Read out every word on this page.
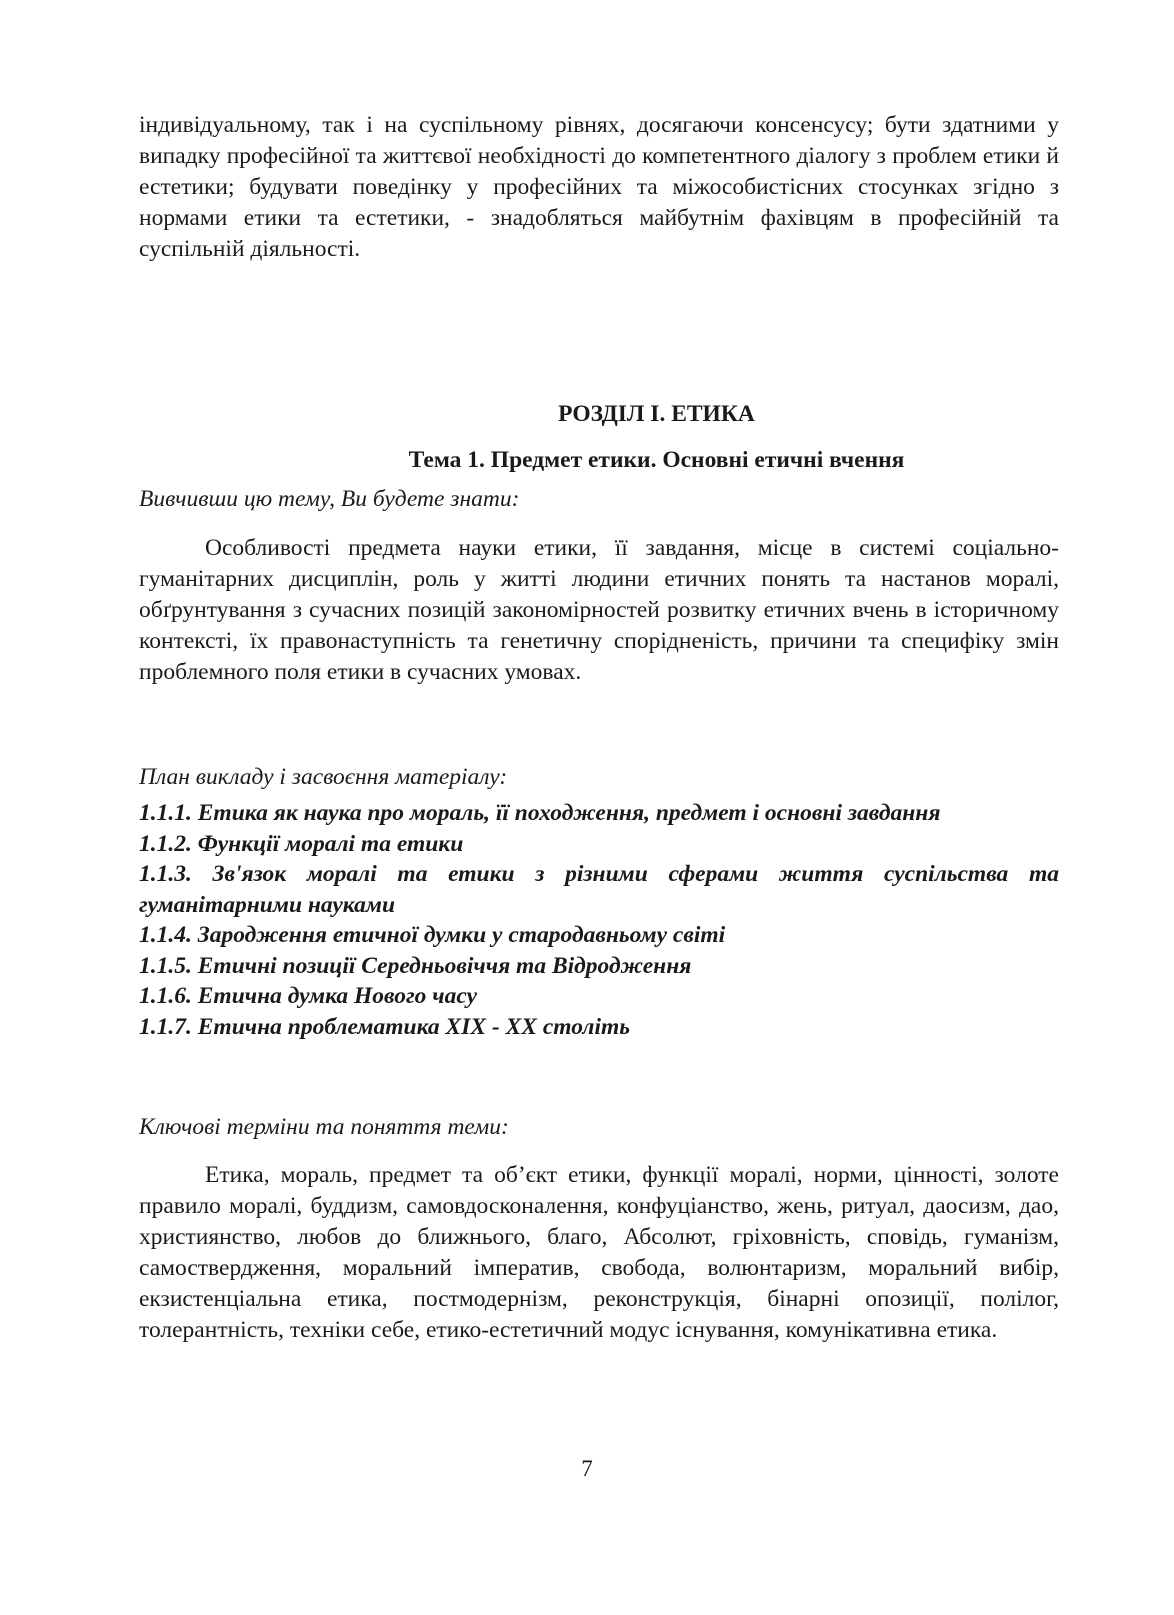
індивідуальному, так і на суспільному рівнях, досягаючи консенсусу; бути здатними у випадку професійної та життєвої необхідності до компетентного діалогу з проблем етики й естетики; будувати поведінку у професійних та міжособистісних стосунках згідно з нормами етики та естетики, - знадобляться майбутнім фахівцям в професійній та суспільній діяльності.

РОЗДІЛ І. ЕТИКА
Тема 1. Предмет етики. Основні етичні вчення

Вивчивши цю тему, Ви будете знати:

Особливості предмета науки етики, її завдання, місце в системі соціально-гуманітарних дисциплін, роль у житті людини етичних понять та настанов моралі, обґрунтування з сучасних позицій закономірностей розвитку етичних вчень в історичному контексті, їх правонаступність та генетичну спорідненість, причини та специфіку змін проблемного поля етики в сучасних умовах.

План викладу і засвоєння матеріалу:

1.1.1. Етика як наука про мораль, її походження, предмет і основні завдання
1.1.2. Функції моралі та етики
1.1.3. Зв'язок моралі та етики з різними сферами життя суспільства та гуманітарними науками
1.1.4. Зародження етичної думки у стародавньому світі
1.1.5. Етичні позиції Середньовіччя та Відродження
1.1.6. Етична думка Нового часу
1.1.7. Етична проблематика XIX - XX століть

Ключові терміни та поняття теми:

Етика, мораль, предмет та об’єкт етики, функції моралі, норми, цінності, золоте правило моралі, буддизм, самовдосконалення, конфуціанство, жень, ритуал, даосизм, дао, християнство, любов до ближнього, благо, Абсолют, гріховність, сповідь, гуманізм, самоствердження, моральний імператив, свобода, волюнтаризм, моральний вибір, екзистенціальна етика, постмодернізм, реконструкція, бінарні опозиції, полілог, толерантність, техніки себе, етико-естетичний модус існування, комунікативна етика.

7
